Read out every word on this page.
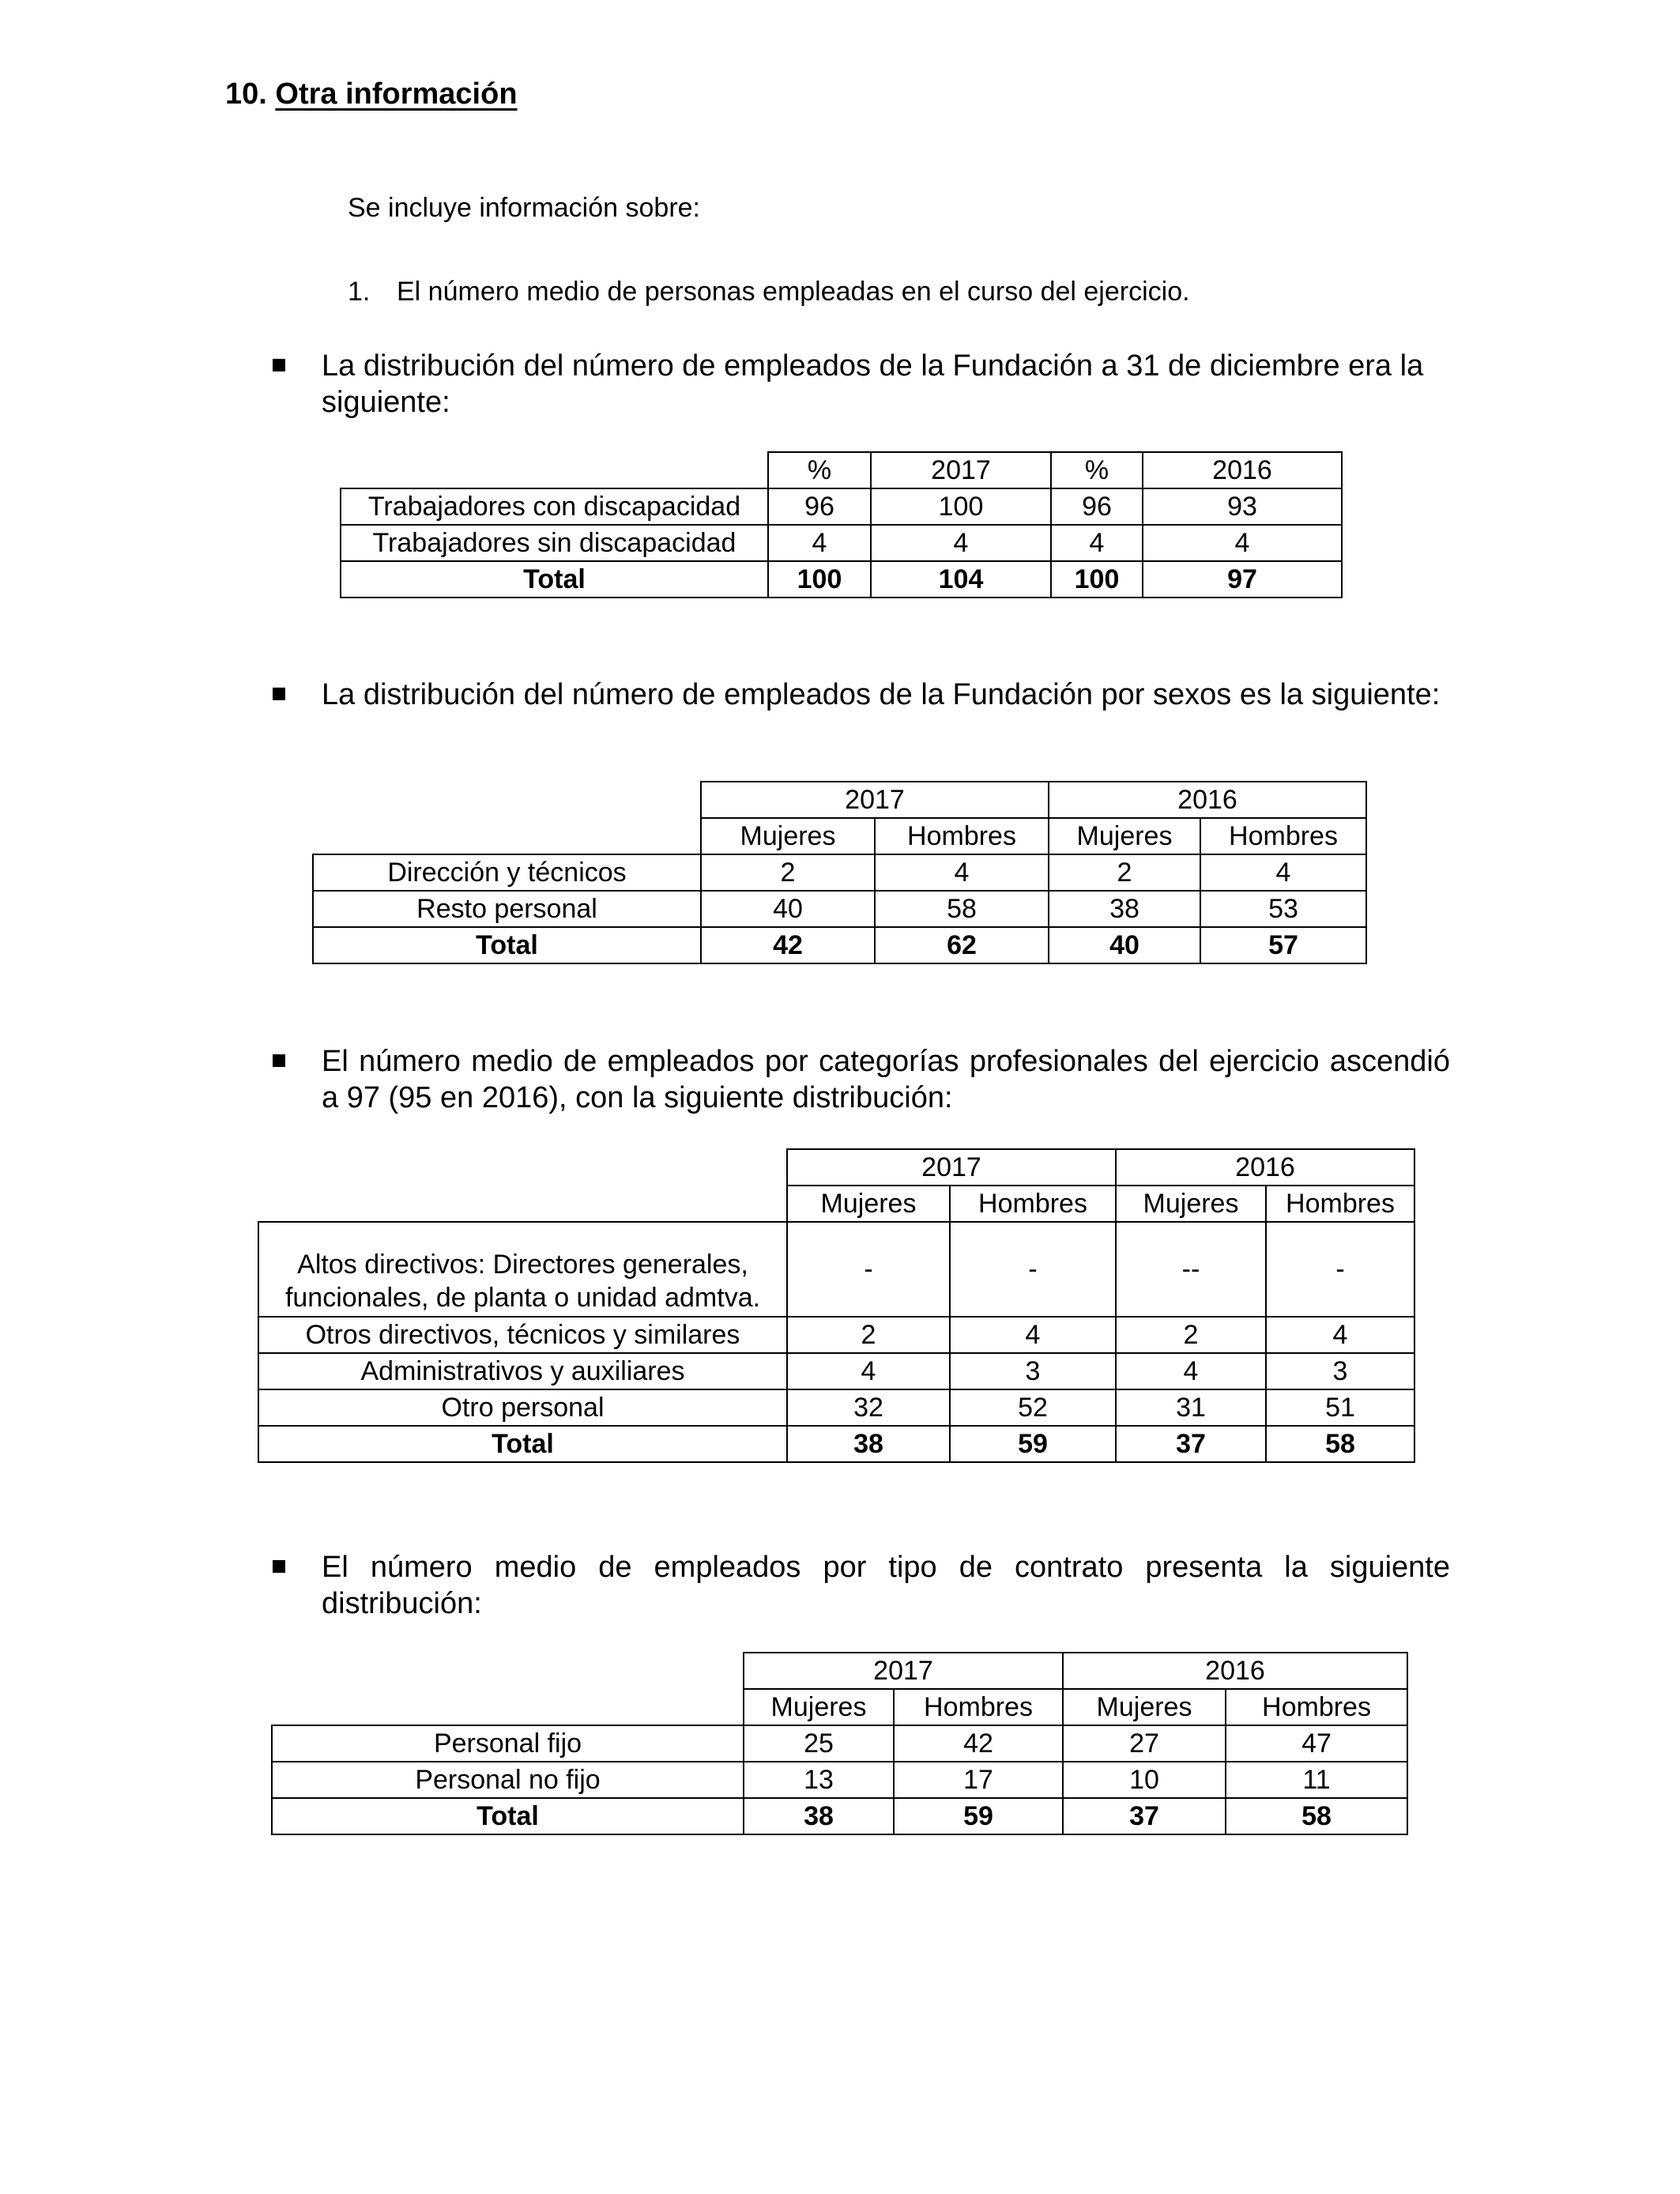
10. Otra información
Se incluye información sobre:
1. El número medio de personas empleadas en el curso del ejercicio.
La distribución del número de empleados de la Fundación a 31 de diciembre era la siguiente:
	%	2017	%	2016
Trabajadores con discapacidad	96	100	96	93
Trabajadores sin discapacidad	4	4	4	4
Total	100	104	100	97
La distribución del número de empleados de la Fundación por sexos es la siguiente:
	2017		2016	
	Mujeres	Hombres	Mujeres	Hombres
Dirección y técnicos	2	4	2	4
Resto personal	40	58	38	53
Total	42	62	40	57
El número medio de empleados por categorías profesionales del ejercicio ascendió a 97 (95 en 2016), con la siguiente distribución:
	2017		2016	
	Mujeres	Hombres	Mujeres	Hombres

Altos directivos: Directores generales,
funcionales, de planta o unidad admtva.	-	-	--	-
Otros directivos, técnicos y similares	2	4	2	4
Administrativos y auxiliares	4	3	4	3
Otro personal	32	52	31	51
Total	38	59	37	58
El número medio de empleados por tipo de contrato presenta la siguiente distribución:
	2017		2016	
	Mujeres	Hombres	Mujeres	Hombres
Personal fijo	25	42	27	47
Personal no fijo	13	17	10	11
Total	38	59	37	58
